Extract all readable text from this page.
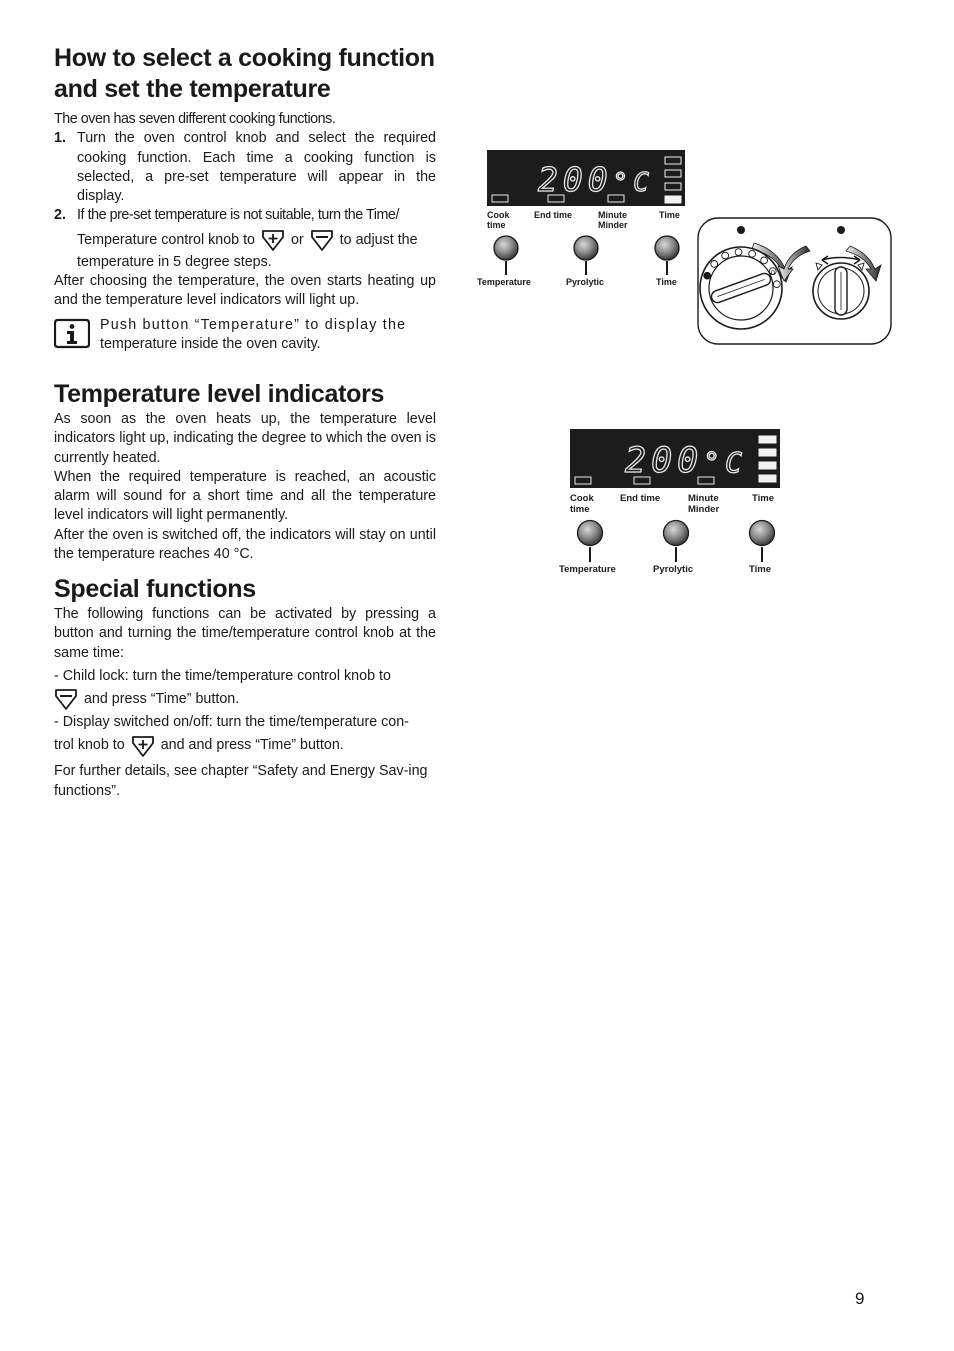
How to select a cooking function
and set the temperature

The oven has seven different cooking functions.

1. Turn the oven control knob and select the required cooking function. Each time a cooking function is selected, a pre-set temperature will appear in the display.
2. If the pre-set temperature is not suitable, turn the Time/
Temperature control knob to	or	to adjust the
temperature in 5 degree steps.

After choosing the temperature, the oven starts heating up and the temperature level indicators will light up.

Push button “Temperature” to display the
temperature inside the oven cavity.
Temperature level indicators

As soon as the oven heats up, the temperature level indicators light up, indicating the degree to which the oven is currently heated.

When the required temperature is reached, an acoustic alarm will sound for a short time and all the temperature level indicators will light permanently.

After the oven is switched off, the indicators will stay on until the temperature reaches 40 °C.

Special functions

The following functions can be activated by pressing a button and turning the time/temperature control knob at the same time:

- Child lock: turn the time/temperature control knob to

and press “Time” button.

- Display switched on/off: turn the time/temperature con-

trol knob to	and and press “Time” button.

For further details, see chapter “Safety and Energy Sav-ing functions”.

9
200°C
Cook
time
End time	Minute
Minder
Time
Temperature	Pyrolytic	Time
0
200°C
Cook
time
End time	Minute
Minder
Time
Temperature	Pyrolytic	Time
